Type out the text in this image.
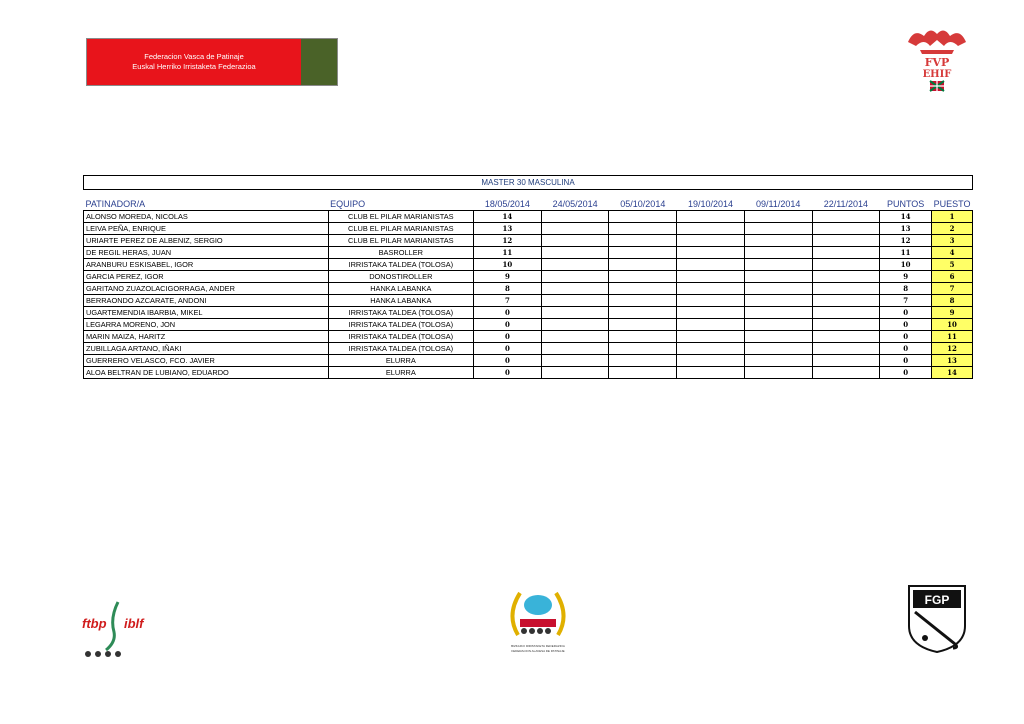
Federacion Vasca de Patinaje
Euskal Herriko Irristaketa Federazioa	FVP
EHIF
MASTER 30 MASCULINA									

PATINADOR/A	EQUIPO	18/05/2014	24/05/2014	05/10/2014	19/10/2014	09/11/2014	22/11/2014	PUNTOS	PUESTO
ALONSO MOREDA, NICOLAS	CLUB EL PILAR MARIANISTAS	14						14	1
LEIVA PEÑA, ENRIQUE	CLUB EL PILAR MARIANISTAS	13						13	2
URIARTE PEREZ DE ALBENIZ, SERGIO	CLUB EL PILAR MARIANISTAS	12						12	3
DE REGIL HERAS, JUAN	BASROLLER	11						11	4
ARANBURU ESKISABEL, IGOR	IRRISTAKA TALDEA (TOLOSA)	10						10	5
GARCIA PEREZ, IGOR	DONOSTIROLLER	9						9	6
GARITANO ZUAZOLACIGORRAGA, ANDER	HANKA LABANKA	8						8	7
BERRAONDO AZCARATE, ANDONI	HANKA LABANKA	7						7	8
UGARTEMENDIA IBARBIA, MIKEL	IRRISTAKA TALDEA (TOLOSA)	0						0	9
LEGARRA MORENO, JON	IRRISTAKA TALDEA (TOLOSA)	0						0	10
MARIN MAIZA, HARITZ	IRRISTAKA TALDEA (TOLOSA)	0						0	11
ZUBILLAGA ARTANO, IÑAKI	IRRISTAKA TALDEA (TOLOSA)	0						0	12
GUERRERO VELASCO, FCO. JAVIER	ELURRA	0						0	13
ALOA BELTRAN DE LUBIANO, EDUARDO	ELURRA	0						0	14
ftbp iblf
BIZKAIKO IRRISTAKETA FEDERAZIOA
FEDERACION ALAVESA DE PATINAJE
FGP
